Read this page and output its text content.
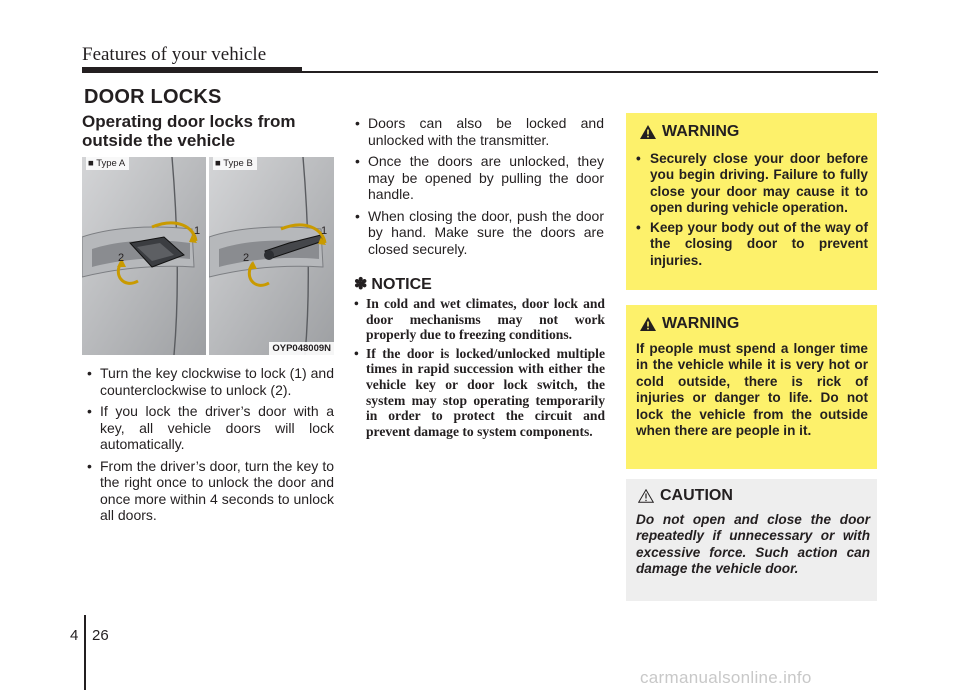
Features of your vehicle
DOOR LOCKS
Operating door locks from
outside the vehicle
1
2
1
2
■ Type A	■ Type B
OYP048009N
• Turn the key clockwise to lock (1) and counterclockwise to unlock (2).
• If you lock the driver’s door with a key, all vehicle doors will lock automatically.
• From the driver’s door, turn the key to the right once to unlock the door and once more within 4 seconds to unlock all doors.
• Doors can also be locked and unlocked with the transmitter.
• Once the doors are unlocked, they may be opened by pulling the door handle.
• When closing the door, push the door by hand. Make sure the doors are closed securely.
✽ NOTICE
• In cold and wet climates, door lock and door mechanisms may not work properly due to freezing conditions.
• If the door is locked/unlocked multiple times in rapid succession with either the vehicle key or door lock switch, the system may stop operating temporarily in order to protect the circuit and prevent damage to system components.
WARNING
• Securely close your door before you begin driving. Failure to fully close your door may cause it to open during vehicle operation.
• Keep your body out of the way of the closing door to prevent injuries.
WARNING
If people must spend a longer time in the vehicle while it is very hot or cold outside, there is rick of injuries or danger to life. Do not lock the vehicle from the outside when there are people in it.
CAUTION
Do not open and close the door repeatedly if unnecessary or with excessive force. Such action can damage the vehicle door.
4 26
carmanualsonline.info
